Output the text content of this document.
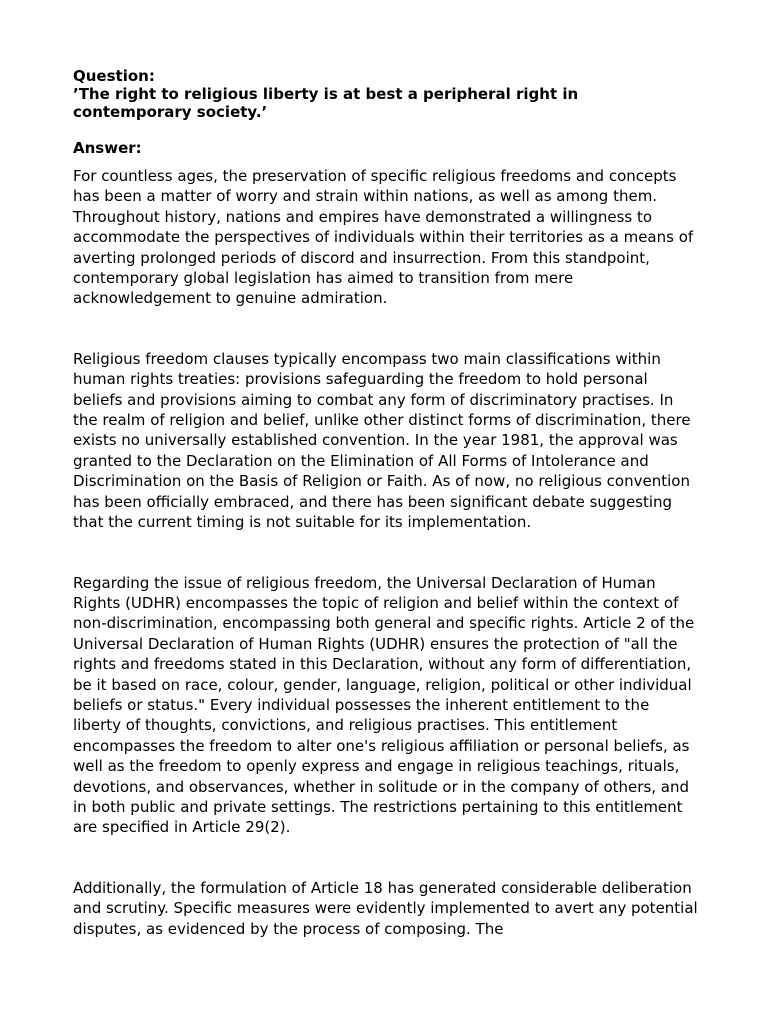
Question:

’The right to religious liberty is at best a peripheral right in contemporary society.’

Answer:

For countless ages, the preservation of specific religious freedoms and concepts has been a matter of worry and strain within nations, as well as among them. Throughout history, nations and empires have demonstrated a willingness to accommodate the perspectives of individuals within their territories as a means of averting prolonged periods of discord and insurrection. From this standpoint, contemporary global legislation has aimed to transition from mere acknowledgement to genuine admiration.

Religious freedom clauses typically encompass two main classifications within human rights treaties: provisions safeguarding the freedom to hold personal beliefs and provisions aiming to combat any form of discriminatory practises. In the realm of religion and belief, unlike other distinct forms of discrimination, there exists no universally established convention. In the year 1981, the approval was granted to the Declaration on the Elimination of All Forms of Intolerance and Discrimination on the Basis of Religion or Faith. As of now, no religious convention has been officially embraced, and there has been significant debate suggesting that the current timing is not suitable for its implementation.

Regarding the issue of religious freedom, the Universal Declaration of Human Rights (UDHR) encompasses the topic of religion and belief within the context of non-discrimination, encompassing both general and specific rights. Article 2 of the Universal Declaration of Human Rights (UDHR) ensures the protection of "all the rights and freedoms stated in this Declaration, without any form of differentiation, be it based on race, colour, gender, language, religion, political or other individual beliefs or status." Every individual possesses the inherent entitlement to the liberty of thoughts, convictions, and religious practises. This entitlement encompasses the freedom to alter one's religious affiliation or personal beliefs, as well as the freedom to openly express and engage in religious teachings, rituals, devotions, and observances, whether in solitude or in the company of others, and in both public and private settings. The restrictions pertaining to this entitlement are specified in Article 29(2).

Additionally, the formulation of Article 18 has generated considerable deliberation and scrutiny. Specific measures were evidently implemented to avert any potential disputes, as evidenced by the process of composing. The
